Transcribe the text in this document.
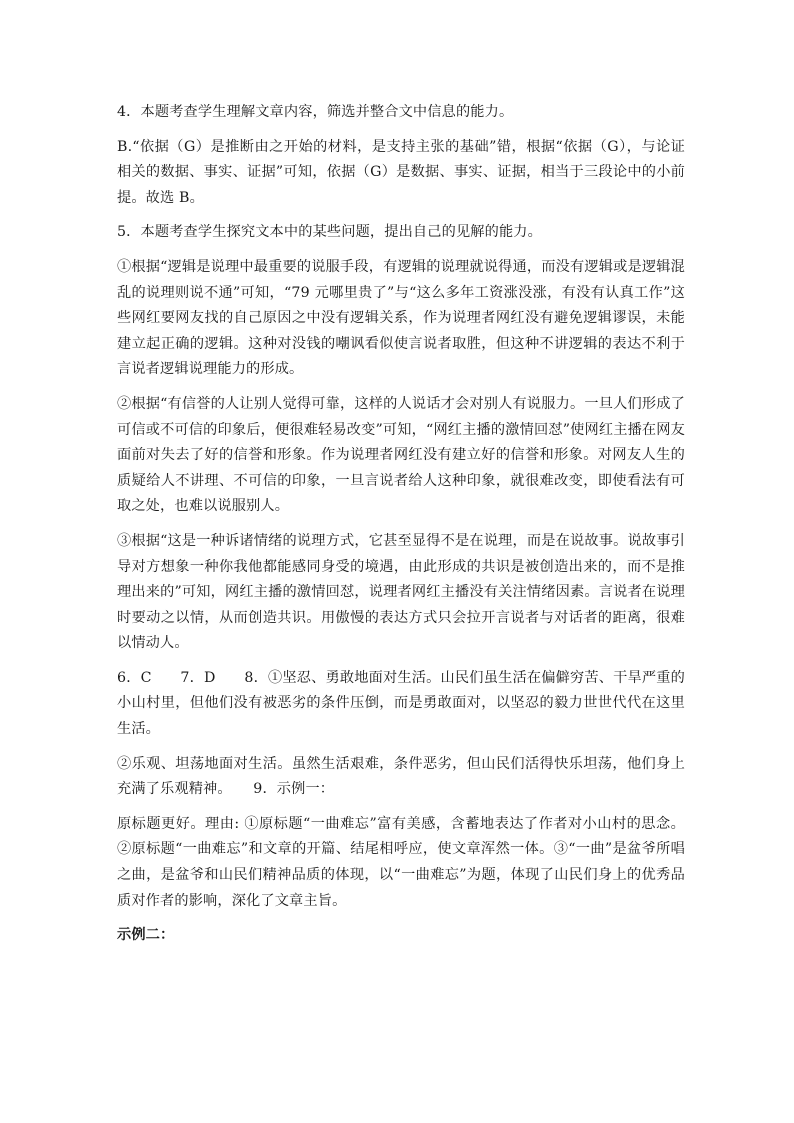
4．本题考查学生理解文章内容，筛选并整合文中信息的能力。

B.“依据（G）是推断由之开始的材料，是支持主张的基础”错，根据“依据（G），与论证相关的数据、事实、证据”可知，依据（G）是数据、事实、证据，相当于三段论中的小前提。故选 B。

5．本题考查学生探究文本中的某些问题，提出自己的见解的能力。

①根据“逻辑是说理中最重要的说服手段，有逻辑的说理就说得通，而没有逻辑或是逻辑混乱的说理则说不通”可知，“79 元哪里贵了”与“这么多年工资涨没涨，有没有认真工作”这些网红要网友找的自己原因之中没有逻辑关系，作为说理者网红没有避免逻辑谬误，未能建立起正确的逻辑。这种对没钱的嘲讽看似使言说者取胜，但这种不讲逻辑的表达不利于言说者逻辑说理能力的形成。

②根据“有信誉的人让别人觉得可靠，这样的人说话才会对别人有说服力。一旦人们形成了可信或不可信的印象后，便很难轻易改变”可知，“网红主播的激情回怼”使网红主播在网友面前对失去了好的信誉和形象。作为说理者网红没有建立好的信誉和形象。对网友人生的质疑给人不讲理、不可信的印象，一旦言说者给人这种印象，就很难改变，即使看法有可取之处，也难以说服别人。

③根据“这是一种诉诸情绪的说理方式，它甚至显得不是在说理，而是在说故事。说故事引导对方想象一种你我他都能感同身受的境遇，由此形成的共识是被创造出来的，而不是推理出来的”可知，网红主播的激情回怼，说理者网红主播没有关注情绪因素。言说者在说理时要动之以情，从而创造共识。用傲慢的表达方式只会拉开言说者与对话者的距离，很难以情动人。

6．C　　7．D　　8．①坚忍、勇敢地面对生活。山民们虽生活在偏僻穷苦、干旱严重的小山村里，但他们没有被恶劣的条件压倒，而是勇敢面对，以坚忍的毅力世世代代在这里生活。

②乐观、坦荡地面对生活。虽然生活艰难，条件恶劣，但山民们活得快乐坦荡，他们身上充满了乐观精神。　　9．示例一：

原标题更好。理由: ①原标题“一曲难忘”富有美感，含蓄地表达了作者对小山村的思念。②原标题“一曲难忘”和文章的开篇、结尾相呼应，使文章浑然一体。③“一曲”是盆爷所唱之曲，是盆爷和山民们精神品质的体现，以“一曲难忘”为题，体现了山民们身上的优秀品质对作者的影响，深化了文章主旨。

示例二：
